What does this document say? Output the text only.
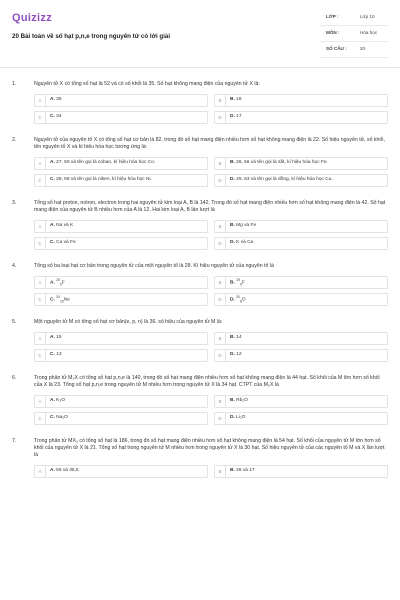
Quizizz
20 Bài toán về số hạt p,n,e trong nguyên tử có lời giải
LỚP :	Lớp 10
MÔN :	Hóa học
SỐ CÂU :	20
1.	Nguyên tử X có tổng số hạt là 52 và có số khối là 35. Số hạt không mang điện của nguyên tử X là:
A	A. 35	B	B. 18
C	C. 34	D	D. 17
2.	Nguyên tử của nguyên tố X có tổng số hạt cơ bản là 82, trong đó số hạt mang điện nhiều hơn số hạt không mang điện là 22. Số hiệu nguyên tử, số khối, tên nguyên tố X và kí hiệu hóa học tương ứng là:
A	A. 27, 60 và tên gọi là coban, kí hiệu hóa học Co.	B	B. 26, 56 và tên gọi là sắt, kí hiệu hóa học Fe.
C	C. 28, 59 và tên gọi là niken, kí hiệu hóa học Ni.	D	D. 29, 63 và tên gọi là đồng, kí hiệu hóa học Cu.
3.	Tổng số hạt proton, notron, electron trong hai nguyên tử kim loại A, B là 142. Trong đó số hạt mang điện nhiều hơn số hạt không mang điện là 42. Số hạt mang điện của nguyên tử B nhiều hơn của A là 12. Hai kim loại A, B lần lượt là
A	A. Na và K	B	B. Mg và Fe
C	C. Ca và Fe	D	D. K và Ca
4.	Tổng số ba loại hạt cơ bản trong nguyên tử của một nguyên tố là 28. Kí hiệu nguyên tử của nguyên tố là
A	A. $^{20}_9$F	B	B. $^{19}_9$F
C	C. $^{20}_{10}$Ne	D	D. $^{20}_8$O
5.	Một nguyên tử M có tổng số hạt cơ bản(e, p, n) là 36. số hiệu của nguyên tử M là:
A	A. 15	B	B. 14
C	C. 13	D	D. 12
6.	Trong phân tử M₂X có tổng số hạt p,n,e là 140, trong đó số hạt mang điện nhiều hơn số hạt không mang điện là 44 hạt. Số khối của M lớn hơn số khối của X là 23. Tổng số hạt p,n,e trong nguyên tử M nhiều hơn trong nguyên tử X là 34 hạt. CTPT của M₂X là
A	A. K₂O	B	B. Rb₂O
C	C. Na₂O	D	D. Li₂O
7.	Trong phân tử MX₂ có tổng số hạt là 186, trong đó số hạt mang điện nhiều hơn số hạt không mang điện là 54 hạt. Số khối của nguyên tử M lớn hơn số khối của nguyên tử X là 21. Tổng số hạt trong nguyên tử M nhiều hơn trong nguyên tử X là 30 hạt. Số hiệu nguyên tử của các nguyên tố M và X lần lượt là
A	A. 56 và 35,5	B	B. 26 và 17
